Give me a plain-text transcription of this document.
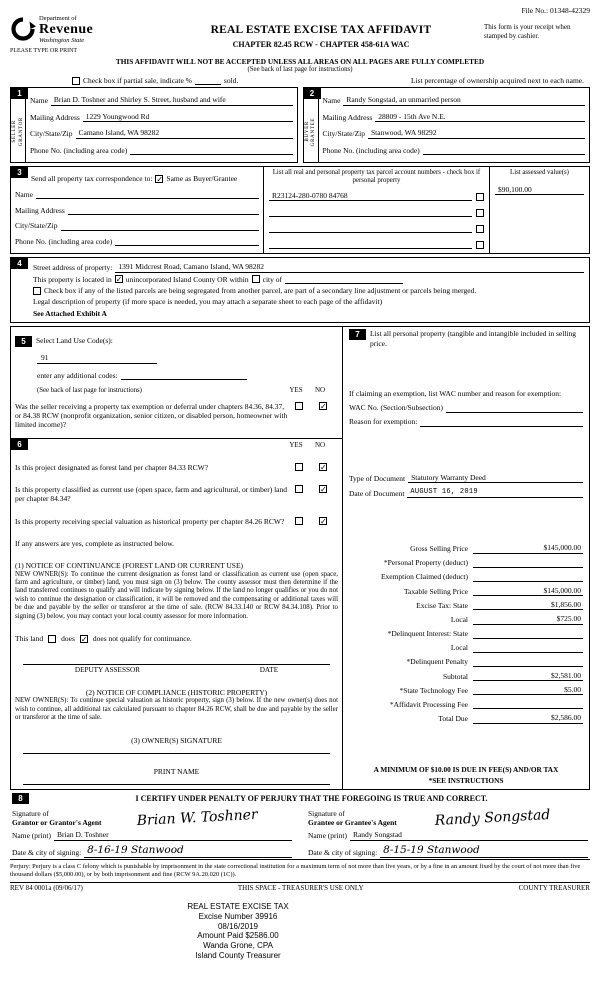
File No.: 01348-42329
Department of
Revenue
Washington State
PLEASE TYPE OR PRINT
REAL ESTATE EXCISE TAX AFFIDAVIT
CHAPTER 82.45 RCW - CHAPTER 458-61A WAC
This form is your receipt when stamped by cashier.
THIS AFFIDAVIT WILL NOT BE ACCEPTED UNLESS ALL AREAS ON ALL PAGES ARE FULLY COMPLETED
(See back of last page for instructions)
Check box if partial sale, indicate %	sold.	List percentage of ownership acquired next to each name.
1
SELLER GRANTOR
Name Brian D. Toshner and Shirley S. Street, husband and wife
Mailing Address 1229 Youngwood Rd
City/State/Zip Camano Island, WA 98282
Phone No. (including area code)
2
BUYER GRANTEE
Name Randy Songstad, an unmarried person
Mailing Address 28809 - 15th Ave N.E.
City/State/Zip Stanwood, WA 98292
Phone No. (including area code)
3
Send all property tax correspondence to: ✓ Same as Buyer/Grantee
Name
Mailing Address
City/State/Zip
Phone No. (including area code)
List all real and personal property tax parcel account numbers - check box if personal property
R23124-280-0780 84768
List assessed value(s)
$90,100.00
4	Street address of property: 1391 Midcrest Road, Camano Island, WA 98282
This property is located in ✓ unincorporated Island County OR within city of
Check box if any of the listed parcels are being segregated from another parcel, are part of a secondary line adjustment or parcels being merged.
Legal description of property (if more space is needed, you may attach a separate sheet to each page of the affidavit)
See Attached Exhibit A
5	Select Land Use Code(s):
91
enter any additional codes:
(See back of last page for instructions)	YES NO
Was the seller receiving a property tax exemption or deferral under chapters 84.36, 84.37, or 84.38 RCW (nonprofit organization, senior citizen, or disabled person, homeowner with limited income)?
✓
6	YES NO
Is this project designated as forest land per chapter 84.33 RCW?	✓
Is this property classified as current use (open space, farm and agricultural, or timber) land per chapter 84.34?
✓
Is this property receiving special valuation as historical property per chapter 84.26 RCW?	✓
If any answers are yes, complete as instructed below.
(1) NOTICE OF CONTINUANCE (FOREST LAND OR CURRENT USE)
NEW OWNER(S): To continue the current designation as forest land or classification as current use (open space, farm and agriculture, or timber) land, you must sign on (3) below. The county assessor must then determine if the land transferred continues to qualify and will indicate by signing below. If the land no longer qualifies or you do not wish to continue the designation or classification, it will be removed and the compensating or additional taxes will be due and payable by the seller or transferor at the time of sale. (RCW 84.33.140 or RCW 84.34.108). Prior to signing (3) below, you may contact your local county assessor for more information.
This land does ✓ does not qualify for continuance.
DEPUTY ASSESSOR	DATE
(2) NOTICE OF COMPLIANCE (HISTORIC PROPERTY)
NEW OWNER(S): To continue special valuation as historic property, sign (3) below. If the new owner(s) does not wish to continue, all additional tax calculated pursuant to chapter 84.26 RCW, shall be due and payable by the seller or transferor at the time of sale.
(3) OWNER(S) SIGNATURE
PRINT NAME
7	List all personal property (tangible and intangible included in selling price.
If claiming an exemption, list WAC number and reason for exemption:
WAC No. (Section/Subsection)
Reason for exemption:
Type of Document Statutory Warranty Deed
Date of Document AUGUST 16, 2019
Gross Selling Price	$145,000.00
*Personal Property (deduct)
Exemption Claimed (deduct)
Taxable Selling Price	$145,000.00
Excise Tax: State	$1,856.00
Local	$725.00
*Delinquent Interest: State
Local
*Delinquent Penalty
Subtotal	$2,581.00
*State Technology Fee	$5.00
*Affidavit Processing Fee
Total Due	$2,586.00
A MINIMUM OF $10.00 IS DUE IN FEE(S) AND/OR TAX
*SEE INSTRUCTIONS
8	I CERTIFY UNDER PENALTY OF PERJURY THAT THE FOREGOING IS TRUE AND CORRECT.
Signature of
Grantor or Grantor's Agent	Brian W. Toshner
Name (print) Brian D. Toshner
Date & city of signing: 8-16-19 Stanwood
Signature of
Grantee or Grantee's Agent	Randy Songstad
Name (print) Randy Songstad
Date & city of signing: 8-15-19 Stanwood
Perjury: Perjury is a class C felony which is punishable by imprisonment in the state correctional institution for a maximum term of not more than five years, or by a fine in an amount fixed by the court of not more than five thousand dollars ($5,000.00), or by both imprisonment and fine (RCW 9A.20.020 (1C)).
REV 84 0001a (09/06/17)	THIS SPACE - TREASURER'S USE ONLY	COUNTY TREASURER
REAL ESTATE EXCISE TAX
Excise Number 39916
08/16/2019
Amount Paid $2586.00
Wanda Grone, CPA
Island County Treasurer
